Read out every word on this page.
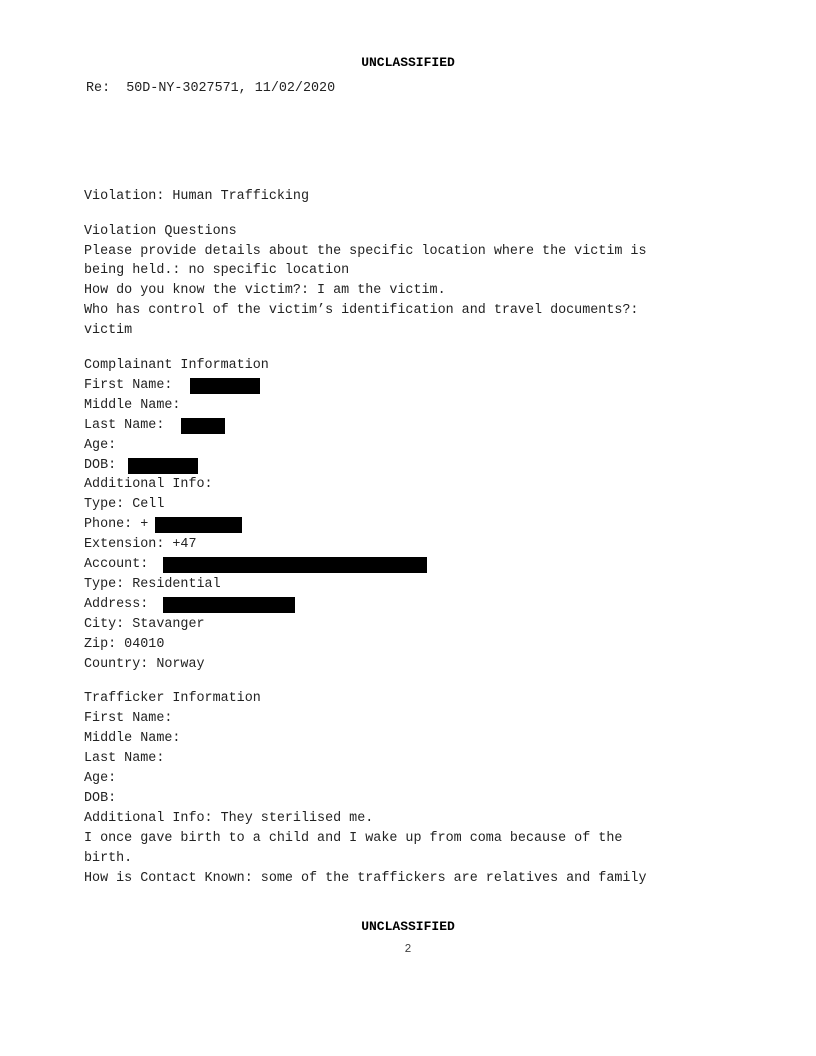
UNCLASSIFIED
Re: 50D-NY-3027571, 11/02/2020
Violation: Human Trafficking
Violation Questions
Please provide details about the specific location where the victim is
being held.: no specific location
How do you know the victim?: I am the victim.
Who has control of the victim’s identification and travel documents?:
victim
Complainant Information
First Name:
Middle Name:
Last Name:
Age:
DOB:
Additional Info:
Type: Cell
Phone: +
Extension: +47
Account:
Type: Residential
Address:
City: Stavanger
Zip: 04010
Country: Norway
Trafficker Information
First Name:
Middle Name:
Last Name:
Age:
DOB:
Additional Info: They sterilised me.
I once gave birth to a child and I wake up from coma because of the
birth.
How is Contact Known: some of the traffickers are relatives and family
UNCLASSIFIED
2
